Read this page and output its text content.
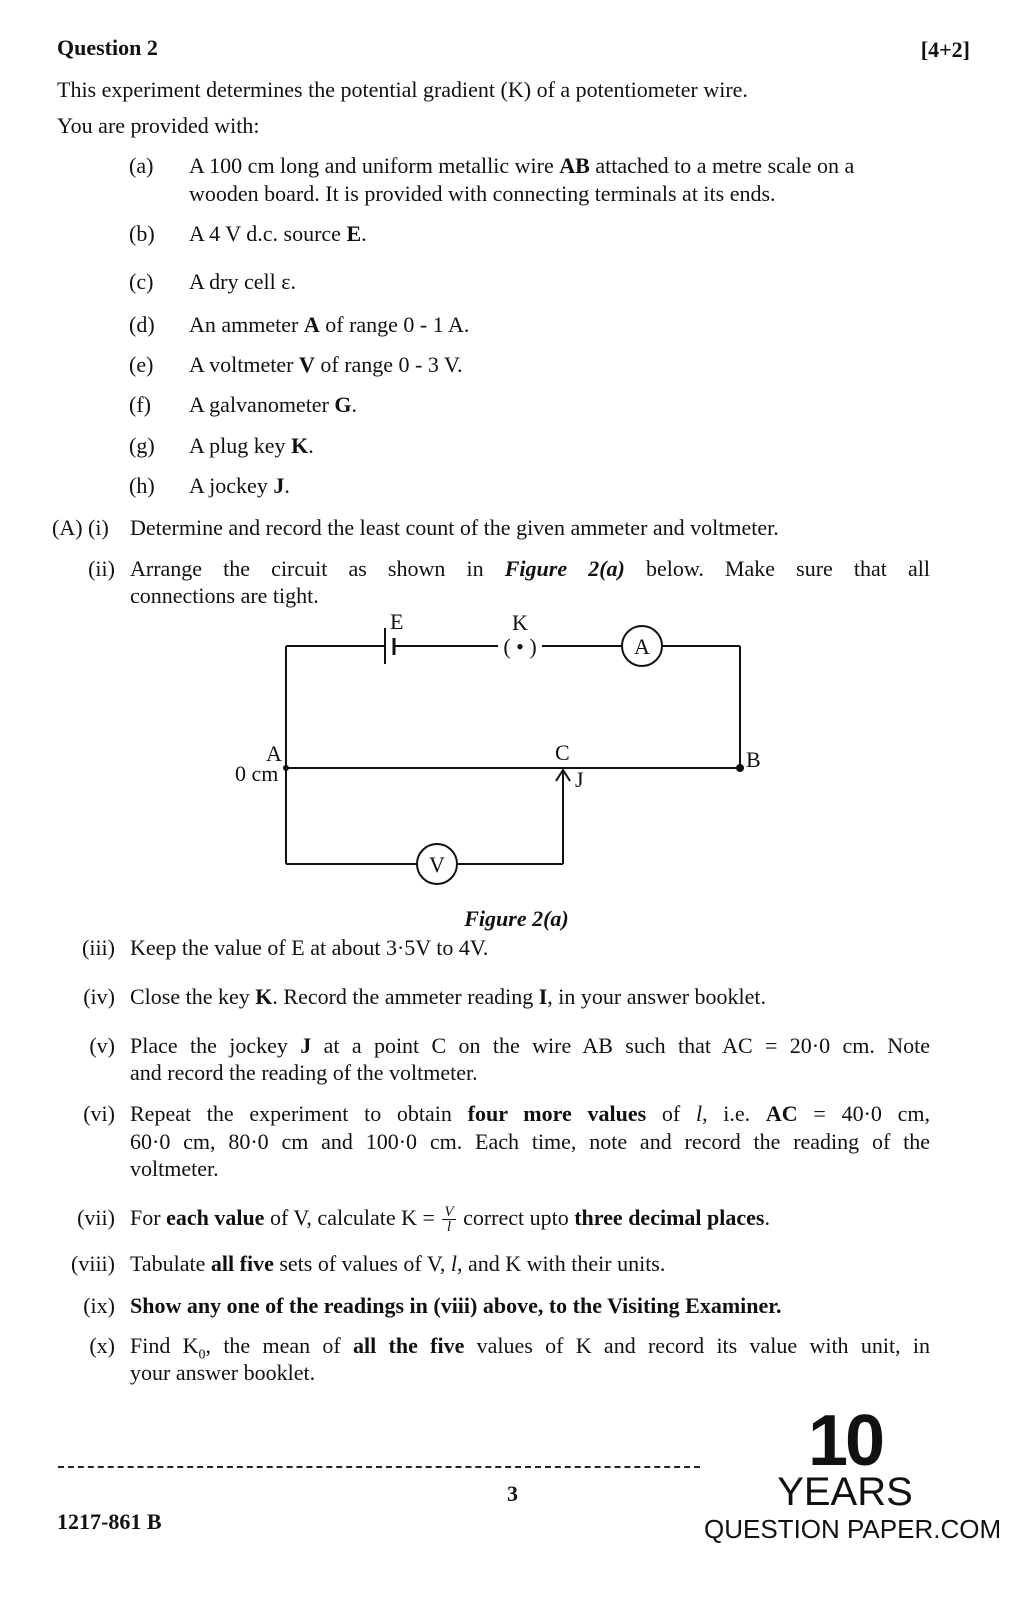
Question 2	[4+2]
This experiment determines the potential gradient (K) of a potentiometer wire.
You are provided with:
(a) A 100 cm long and uniform metallic wire AB attached to a metre scale on a
wooden board. It is provided with connecting terminals at its ends.
(b) A 4 V d.c. source E.
(c) A dry cell ε.
(d) An ammeter A of range 0 - 1 A.
(e) A voltmeter V of range 0 - 3 V.
(f) A galvanometer G.
(g) A plug key K.
(h) A jockey J.
(A) (i) Determine and record the least count of the given ammeter and voltmeter.
(ii) Arrange the circuit as shown in Figure 2(a) below. Make sure that all
connections are tight.
E	K
( • )	A
A
0 cm
C	B
J
V
Figure 2(a)
(iii) Keep the value of E at about 3·5V to 4V.
(iv) Close the key K. Record the ammeter reading I, in your answer booklet.
(v) Place the jockey J at a point C on the wire AB such that AC = 20·0 cm. Note
and record the reading of the voltmeter.
(vi) Repeat the experiment to obtain four more values of l, i.e. AC = 40·0 cm,
60·0 cm, 80·0 cm and 100·0 cm. Each time, note and record the reading of the
voltmeter.
(vii) For each value of V, calculate $K = \frac{V}{l}$ correct upto three decimal places.
(viii) Tabulate all five sets of values of V, l, and K with their units.
(ix) Show any one of the readings in (viii) above, to the Visiting Examiner.
(x) Find $K_0$, the mean of all the five values of K and record its value with unit, in
your answer booklet.
3
1217-861 B
10
YEARS
QUESTION PAPER.COM
